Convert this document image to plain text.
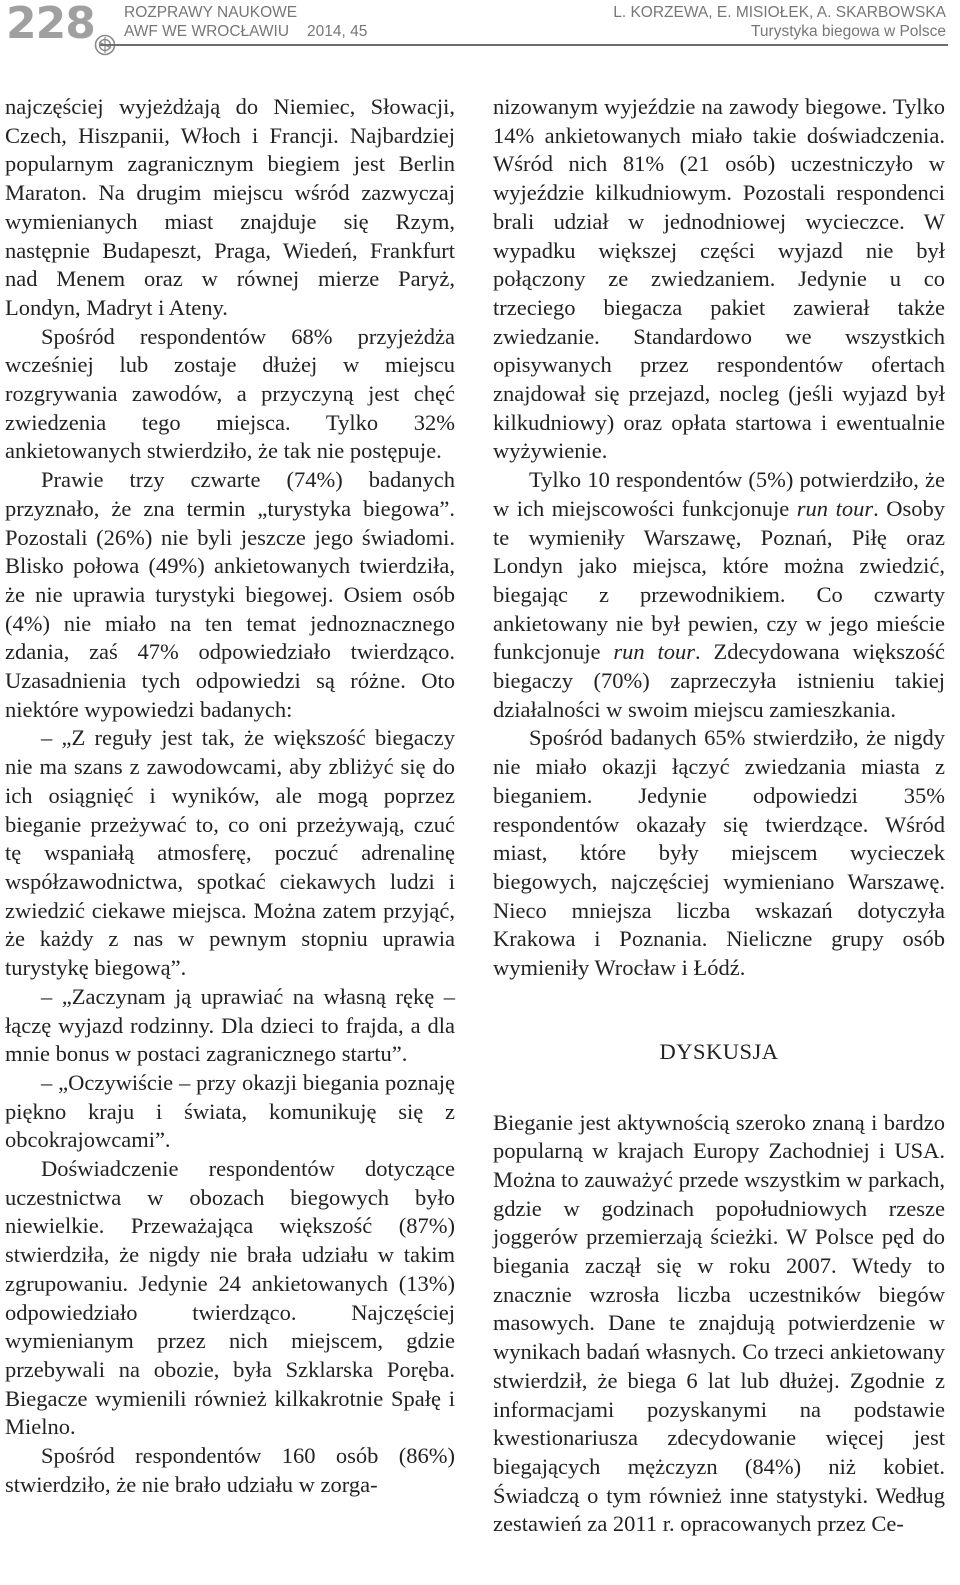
228 ROZPRAWY NAUKOWE
AWF WE WROCŁAWIU 2014, 45
L. KORZEWA, E. MISIOŁEK, A. SKARBOWSKA
Turystyka biegowa w Polsce

najczęściej wyjeżdżają do Niemiec, Słowacji, Czech, Hiszpanii, Włoch i Francji. Najbardziej popularnym zagranicznym biegiem jest Berlin Maraton. Na drugim miejscu wśród zazwyczaj wymienianych miast znajduje się Rzym, następnie Budapeszt, Praga, Wiedeń, Frankfurt nad Menem oraz w równej mierze Paryż, Londyn, Madryt i Ateny.

Spośród respondentów 68% przyjeżdża wcześniej lub zostaje dłużej w miejscu rozgrywania zawodów, a przyczyną jest chęć zwiedzenia tego miejsca. Tylko 32% ankietowanych stwierdziło, że tak nie postępuje.

Prawie trzy czwarte (74%) badanych przyznało, że zna termin „turystyka biegowa”. Pozostali (26%) nie byli jeszcze jego świadomi. Blisko połowa (49%) ankietowanych twierdziła, że nie uprawia turystyki biegowej. Osiem osób (4%) nie miało na ten temat jednoznacznego zdania, zaś 47% odpowiedziało twierdząco. Uzasadnienia tych odpowiedzi są różne. Oto niektóre wypowiedzi badanych:

– „Z reguły jest tak, że większość biegaczy nie ma szans z zawodowcami, aby zbliżyć się do ich osiągnięć i wyników, ale mogą poprzez bieganie przeżywać to, co oni przeżywają, czuć tę wspaniałą atmosferę, poczuć adrenalinę współzawodnictwa, spotkać ciekawych ludzi i zwiedzić ciekawe miejsca. Można zatem przyjąć, że każdy z nas w pewnym stopniu uprawia turystykę biegową”.

– „Zaczynam ją uprawiać na własną rękę – łączę wyjazd rodzinny. Dla dzieci to frajda, a dla mnie bonus w postaci zagranicznego startu”.

– „Oczywiście – przy okazji biegania poznaję piękno kraju i świata, komunikuję się z obcokrajowcami”.

Doświadczenie respondentów dotyczące uczestnictwa w obozach biegowych było niewielkie. Przeważająca większość (87%) stwierdziła, że nigdy nie brała udziału w takim zgrupowaniu. Jedynie 24 ankietowanych (13%) odpowiedziało twierdząco. Najczęściej wymienianym przez nich miejscem, gdzie przebywali na obozie, była Szklarska Poręba. Biegacze wymienili również kilkakrotnie Spałę i Mielno.

Spośród respondentów 160 osób (86%) stwierdziło, że nie brało udziału w zorga-

nizowanym wyjeździe na zawody biegowe. Tylko 14% ankietowanych miało takie doświadczenia. Wśród nich 81% (21 osób) uczestniczyło w wyjeździe kilkudniowym. Pozostali respondenci brali udział w jednodniowej wycieczce. W wypadku większej części wyjazd nie był połączony ze zwiedzaniem. Jedynie u co trzeciego biegacza pakiet zawierał także zwiedzanie. Standardowo we wszystkich opisywanych przez respondentów ofertach znajdował się przejazd, nocleg (jeśli wyjazd był kilkudniowy) oraz opłata startowa i ewentualnie wyżywienie.

Tylko 10 respondentów (5%) potwierdziło, że w ich miejscowości funkcjonuje run tour. Osoby te wymieniły Warszawę, Poznań, Piłę oraz Londyn jako miejsca, które można zwiedzić, biegając z przewodnikiem. Co czwarty ankietowany nie był pewien, czy w jego mieście funkcjonuje run tour. Zdecydowana większość biegaczy (70%) zaprzeczyła istnieniu takiej działalności w swoim miejscu zamieszkania.

Spośród badanych 65% stwierdziło, że nigdy nie miało okazji łączyć zwiedzania miasta z bieganiem. Jedynie odpowiedzi 35% respondentów okazały się twierdzące. Wśród miast, które były miejscem wycieczek biegowych, najczęściej wymieniano Warszawę. Nieco mniejsza liczba wskazań dotyczyła Krakowa i Poznania. Nieliczne grupy osób wymieniły Wrocław i Łódź.

DYSKUSJA

Bieganie jest aktywnością szeroko znaną i bardzo popularną w krajach Europy Zachodniej i USA. Można to zauważyć przede wszystkim w parkach, gdzie w godzinach popołudniowych rzesze joggerów przemierzają ścieżki. W Polsce pęd do biegania zaczął się w roku 2007. Wtedy to znacznie wzrosła liczba uczestników biegów masowych. Dane te znajdują potwierdzenie w wynikach badań własnych. Co trzeci ankietowany stwierdził, że biega 6 lat lub dłużej. Zgodnie z informacjami pozyskanymi na podstawie kwestionariusza zdecydowanie więcej jest biegających mężczyzn (84%) niż kobiet. Świadczą o tym również inne statystyki. Według zestawień za 2011 r. opracowanych przez Ce-
